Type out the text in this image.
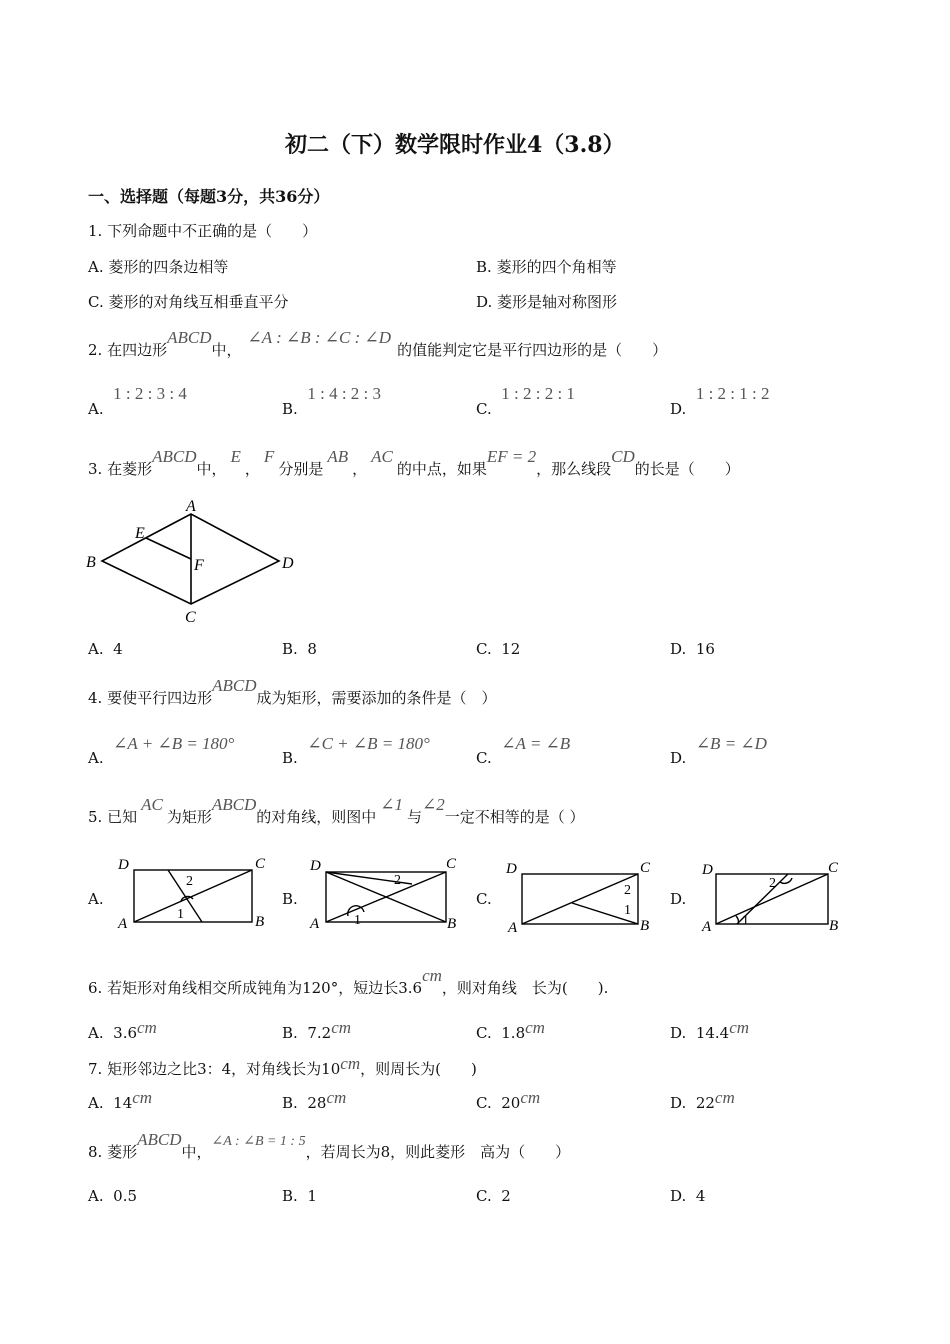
初二（下）数学限时作业4（3.8）
一、选择题（每题3分，共36分）
1. 下列命题中不正确的是（　　）
A. 菱形的四条边相等	B. 菱形的四个角相等
C. 菱形的对角线互相垂直平分	D. 菱形是轴对称图形
2. 在四边形ABCD中，∠A : ∠B : ∠C : ∠D的值能判定它是平行四边形的是（　　）
A.  1 : 2 : 3 : 4
B.  1 : 4 : 2 : 3
C.  1 : 2 : 2 : 1
D.  1 : 2 : 1 : 2
3. 在菱形ABCD中，E，F分别是AB，AC的中点，如果EF = 2，那么线段CD的长是（　　）
A
B
C
D
E
F
A. 4	B. 8	C. 12	D. 16
4. 要使平行四边形ABCD成为矩形，需要添加的条件是（　）
A.  ∠A + ∠B = 180°
B.  ∠C + ∠B = 180°
C.  ∠A = ∠B
D.  ∠B = ∠D
5. 已知AC为矩形ABCD的对角线，则图中∠1与∠2一定不相等的是（ ）
A.	B.	C.	D.
D	C
A	B
2
1
D	C
A	B
2
1
D	C
A	B
2
1
D	C
A	B
2
1
6. 若矩形对角线相交所成钝角为120°，短边长3.6cm，则对角线　长为(　　).
A. 3.6cm	B. 7.2cm	C. 1.8cm	D. 14.4cm
7. 矩形邻边之比3：4，对角线长为10cm，则周长为(　　)
A. 14cm	B. 28cm	C. 20cm	D. 22cm
8. 菱形ABCD中，∠A : ∠B = 1 : 5，若周长为8，则此菱形　高为（　　）
A. 0.5	B. 1	C. 2	D. 4
